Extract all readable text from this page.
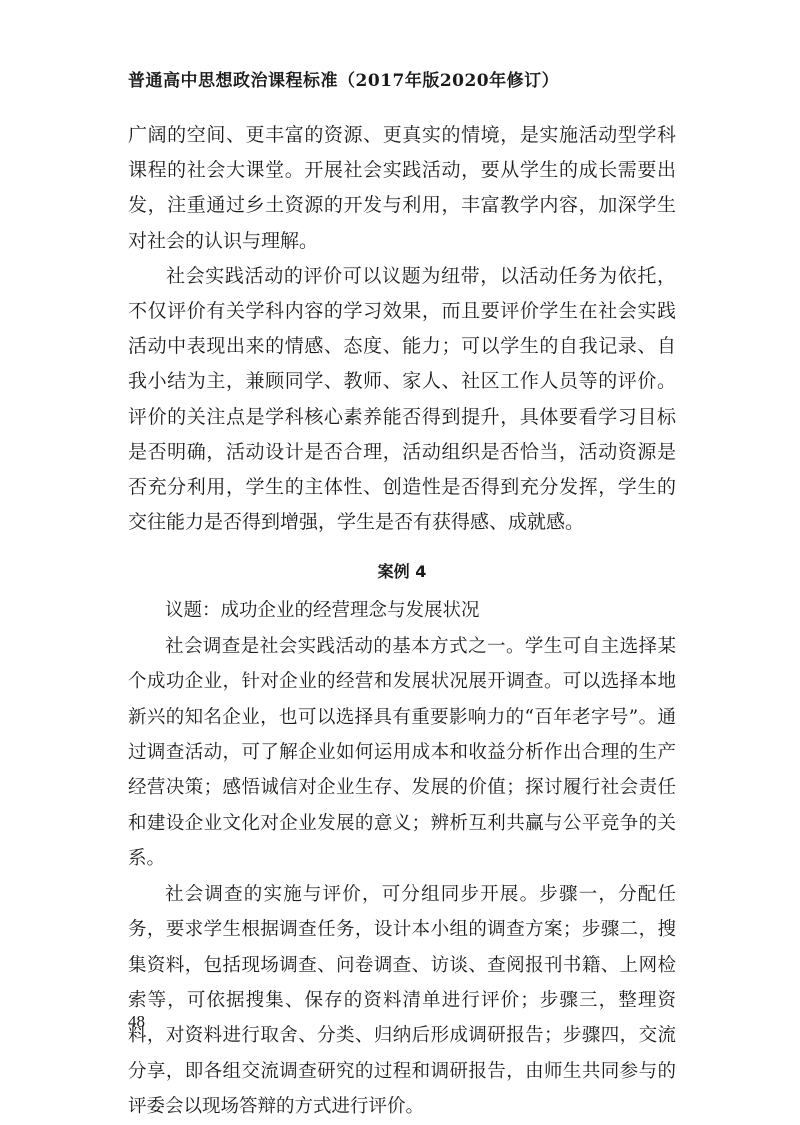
普通高中思想政治课程标准（2017年版2020年修订）

广阔的空间、更丰富的资源、更真实的情境，是实施活动型学科课程的社会大课堂。开展社会实践活动，要从学生的成长需要出发，注重通过乡土资源的开发与利用，丰富教学内容，加深学生对社会的认识与理解。

社会实践活动的评价可以议题为纽带，以活动任务为依托，不仅评价有关学科内容的学习效果，而且要评价学生在社会实践活动中表现出来的情感、态度、能力；可以学生的自我记录、自我小结为主，兼顾同学、教师、家人、社区工作人员等的评价。评价的关注点是学科核心素养能否得到提升，具体要看学习目标是否明确，活动设计是否合理，活动组织是否恰当，活动资源是否充分利用，学生的主体性、创造性是否得到充分发挥，学生的交往能力是否得到增强，学生是否有获得感、成就感。

案例 4

议题：成功企业的经营理念与发展状况

社会调查是社会实践活动的基本方式之一。学生可自主选择某个成功企业，针对企业的经营和发展状况展开调查。可以选择本地新兴的知名企业，也可以选择具有重要影响力的“百年老字号”。通过调查活动，可了解企业如何运用成本和收益分析作出合理的生产经营决策；感悟诚信对企业生存、发展的价值；探讨履行社会责任和建设企业文化对企业发展的意义；辨析互利共赢与公平竞争的关系。

社会调查的实施与评价，可分组同步开展。步骤一，分配任务，要求学生根据调查任务，设计本小组的调查方案；步骤二，搜集资料，包括现场调查、问卷调查、访谈、查阅报刊书籍、上网检索等，可依据搜集、保存的资料清单进行评价；步骤三，整理资料，对资料进行取舍、分类、归纳后形成调研报告；步骤四，交流分享，即各组交流调查研究的过程和调研报告，由师生共同参与的评委会以现场答辩的方式进行评价。

48
